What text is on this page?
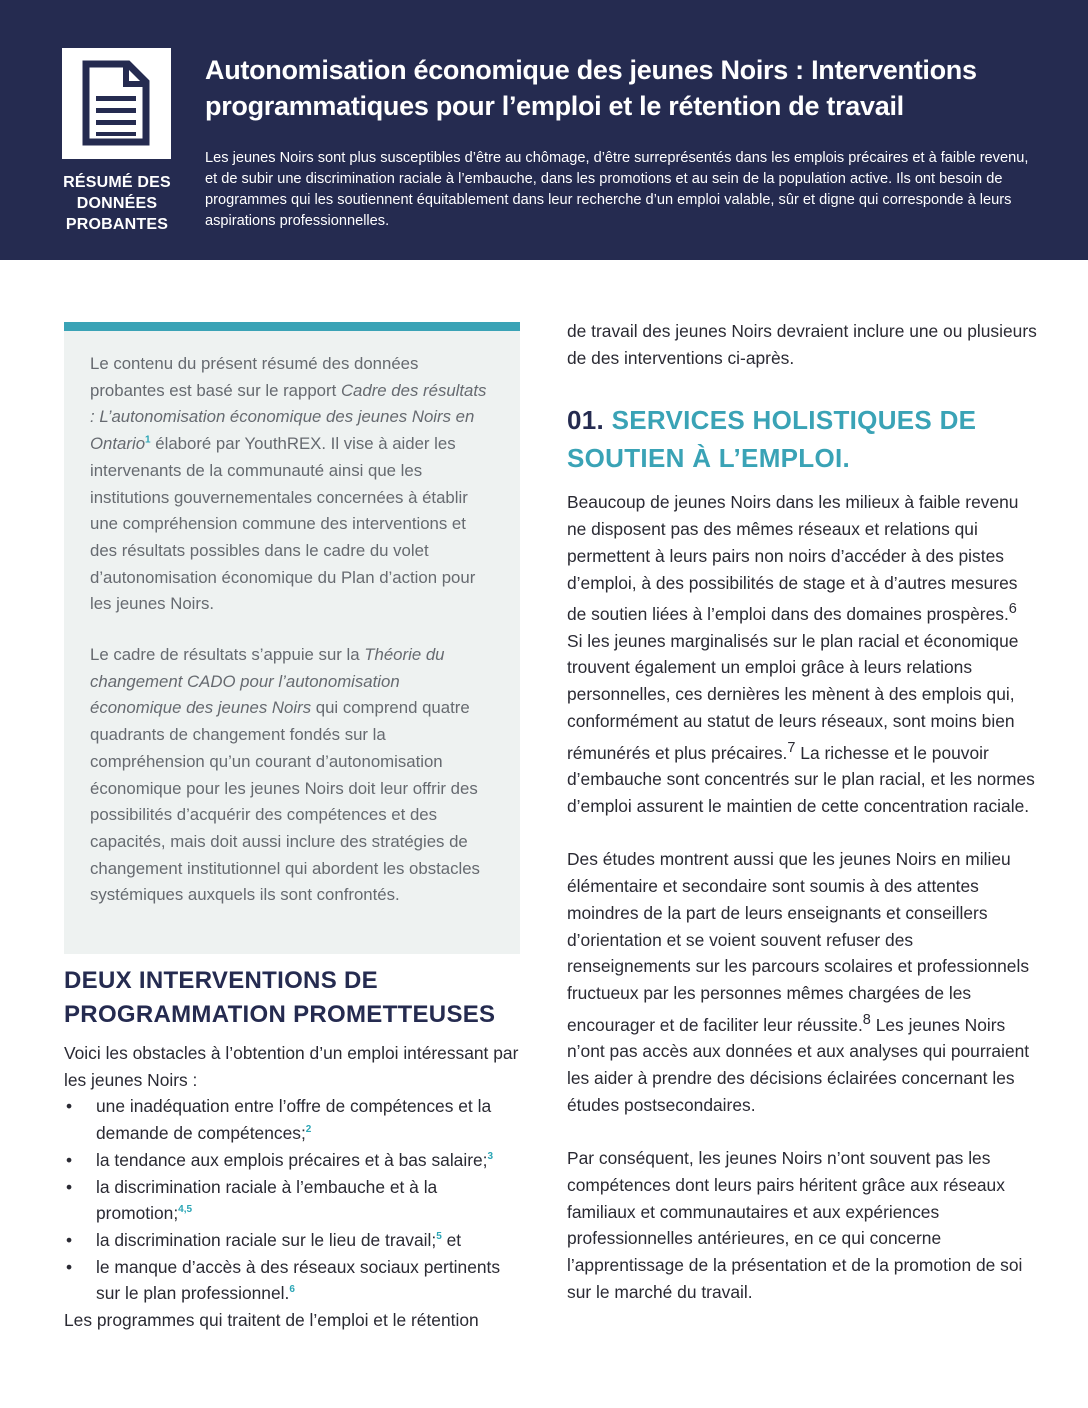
RÉSUMÉ DES
DONNÉES
PROBANTES
Autonomisation économique des jeunes Noirs : Interventions
programmatiques pour l’emploi et le rétention de travail

Les jeunes Noirs sont plus susceptibles d’être au chômage, d’être surreprésentés dans les emplois précaires et à faible revenu, et de subir une discrimination raciale à l’embauche, dans les promotions et au sein de la population active. Ils ont besoin de programmes qui les soutiennent équitablement dans leur recherche d’un emploi valable, sûr et digne qui corresponde à leurs aspirations professionnelles.

Le contenu du présent résumé des données probantes est basé sur le rapport Cadre des résultats : L’autonomisation économique des jeunes Noirs en Ontario$^1$ élaboré par YouthREX. Il vise à aider les intervenants de la communauté ainsi que les institutions gouvernementales concernées à établir une compréhension commune des interventions et des résultats possibles dans le cadre du volet d’autonomisation économique du Plan d’action pour les jeunes Noirs.

Le cadre de résultats s’appuie sur la Théorie du changement CADO pour l’autonomisation économique des jeunes Noirs qui comprend quatre quadrants de changement fondés sur la compréhension qu’un courant d’autonomisation économique pour les jeunes Noirs doit leur offrir des possibilités d’acquérir des compétences et des capacités, mais doit aussi inclure des stratégies de changement institutionnel qui abordent les obstacles systémiques auxquels ils sont confrontés.

DEUX INTERVENTIONS DE
PROGRAMMATION PROMETTEUSES

Voici les obstacles à l’obtention d’un emploi intéressant par les jeunes Noirs :

• une inadéquation entre l’offre de compétences et la demande de compétences;$^2$
• la tendance aux emplois précaires et à bas salaire;$^3$
• la discrimination raciale à l’embauche et à la promotion;$^{4,5}$
• la discrimination raciale sur le lieu de travail;$^5$ et
• le manque d’accès à des réseaux sociaux pertinents sur le plan professionnel.$^6$

Les programmes qui traitent de l’emploi et le rétention

de travail des jeunes Noirs devraient inclure une ou plusieurs de des interventions ci-après.

01. SERVICES HOLISTIQUES DE SOUTIEN À L’EMPLOI.

Beaucoup de jeunes Noirs dans les milieux à faible revenu ne disposent pas des mêmes réseaux et relations qui permettent à leurs pairs non noirs d’accéder à des pistes d’emploi, à des possibilités de stage et à d’autres mesures de soutien liées à l’emploi dans des domaines prospères.$^6$ Si les jeunes marginalisés sur le plan racial et économique trouvent également un emploi grâce à leurs relations personnelles, ces dernières les mènent à des emplois qui, conformément au statut de leurs réseaux, sont moins bien rémunérés et plus précaires.$^7$ La richesse et le pouvoir d’embauche sont concentrés sur le plan racial, et les normes d’emploi assurent le maintien de cette concentration raciale.

Des études montrent aussi que les jeunes Noirs en milieu élémentaire et secondaire sont soumis à des attentes moindres de la part de leurs enseignants et conseillers d’orientation et se voient souvent refuser des renseignements sur les parcours scolaires et professionnels fructueux par les personnes mêmes chargées de les encourager et de faciliter leur réussite.$^8$ Les jeunes Noirs n’ont pas accès aux données et aux analyses qui pourraient les aider à prendre des décisions éclairées concernant les études postsecondaires.

Par conséquent, les jeunes Noirs n’ont souvent pas les compétences dont leurs pairs héritent grâce aux réseaux familiaux et communautaires et aux expériences professionnelles antérieures, en ce qui concerne l’apprentissage de la présentation et de la promotion de soi sur le marché du travail.
